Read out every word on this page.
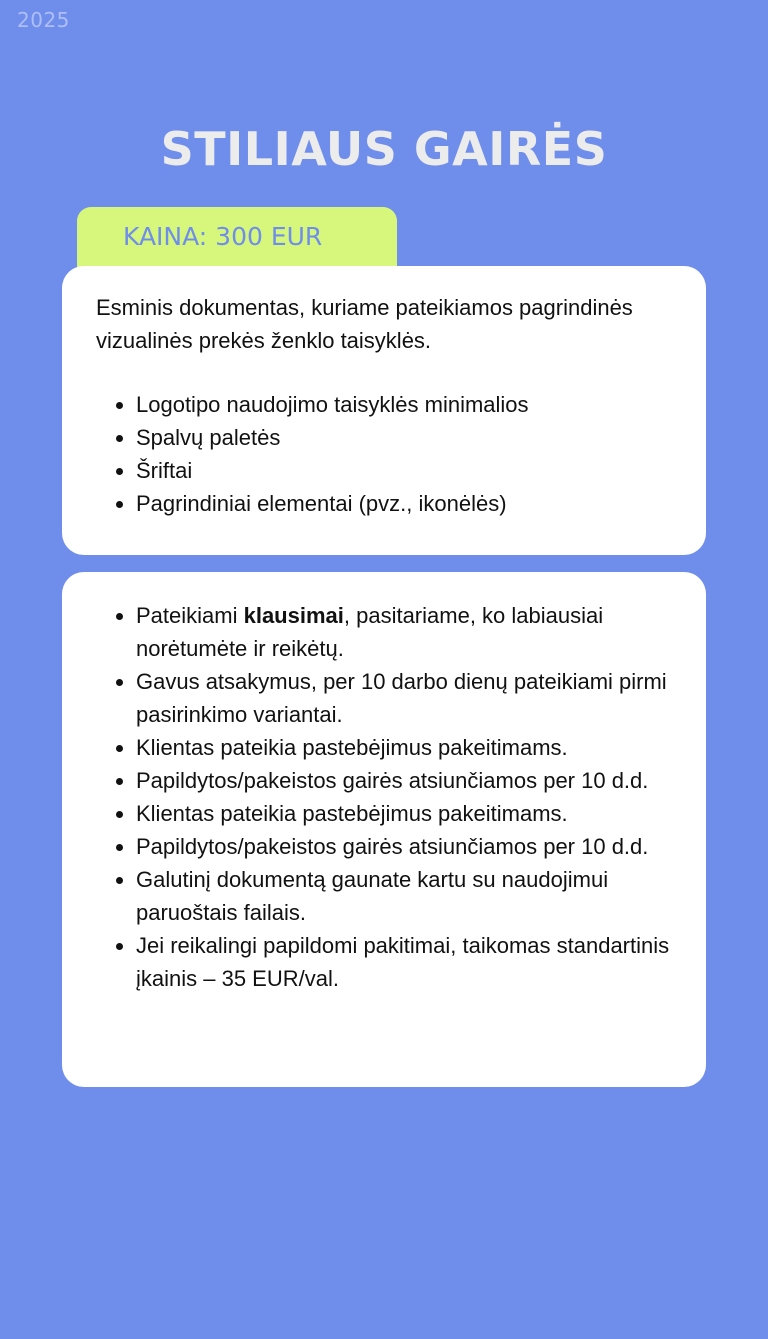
2025
STILIAUS GAIRĖS
KAINA: 300 EUR

Esminis dokumentas, kuriame pateikiamos pagrindinės vizualinės prekės ženklo taisyklės.

• Logotipo naudojimo taisyklės minimalios
• Spalvų paletės
• Šriftai
• Pagrindiniai elementai (pvz., ikonėlės)
• Pateikiami klausimai, pasitariame, ko labiausiai norėtumėte ir reikėtų.
• Gavus atsakymus, per 10 darbo dienų pateikiami pirmi pasirinkimo variantai.
• Klientas pateikia pastebėjimus pakeitimams.
• Papildytos/pakeistos gairės atsiunčiamos per 10 d.d.
• Klientas pateikia pastebėjimus pakeitimams.
• Papildytos/pakeistos gairės atsiunčiamos per 10 d.d.
• Galutinį dokumentą gaunate kartu su naudojimui paruoštais failais.
• Jei reikalingi papildomi pakitimai, taikomas standartinis įkainis – 35 EUR/val.
